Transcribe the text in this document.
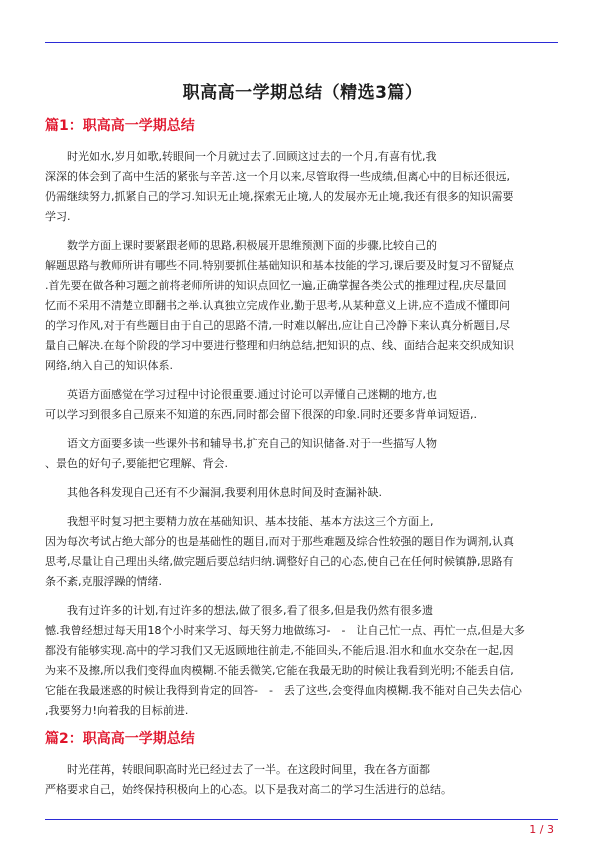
职高高一学期总结（精选3篇）
篇1：职高高一学期总结

时光如水,岁月如歌,转眼间一个月就过去了.回顾这过去的一个月,有喜有忧,我
深深的体会到了高中生活的紧张与辛苦.这一个月以来,尽管取得一些成绩,但离心中的目标还很远,
仍需继续努力,抓紧自己的学习.知识无止境,探索无止境,人的发展亦无止境,我还有很多的知识需要
学习.

数学方面上课时要紧跟老师的思路,积极展开思维预测下面的步骤,比较自己的
解题思路与教师所讲有哪些不同.特别要抓住基础知识和基本技能的学习,课后要及时复习不留疑点
.首先要在做各种习题之前将老师所讲的知识点回忆一遍,正确掌握各类公式的推理过程,庆尽量回
忆而不采用不清楚立即翻书之举.认真独立完成作业,勤于思考,从某种意义上讲,应不造成不懂即问
的学习作风,对于有些题目由于自己的思路不清,一时难以解出,应让自己冷静下来认真分析题目,尽
量自己解决.在每个阶段的学习中要进行整理和归纳总结,把知识的点、线、面结合起来交织成知识
网络,纳入自己的知识体系.

英语方面感觉在学习过程中讨论很重要.通过讨论可以弄懂自己迷糊的地方,也
可以学习到很多自己原来不知道的东西,同时都会留下很深的印象.同时还要多背单词短语,.

语文方面要多读一些课外书和辅导书,扩充自己的知识储备.对于一些描写人物
、景色的好句子,要能把它理解、背会.

其他各科发现自己还有不少漏洞,我要利用休息时间及时查漏补缺.

我想平时复习把主要精力放在基础知识、基本技能、基本方法这三个方面上,
因为每次考试占绝大部分的也是基础性的题目,而对于那些难题及综合性较强的题目作为调剂,认真
思考,尽量让自己理出头绪,做完题后要总结归纳.调整好自己的心态,使自己在任何时候镇静,思路有
条不紊,克服浮躁的情绪.

我有过许多的计划,有过许多的想法,做了很多,看了很多,但是我仍然有很多遗
憾.我曾经想过每天用18个小时来学习、每天努力地做练习-　-　让自己忙一点、再忙一点,但是大多
都没有能够实现.高中的学习我们又无返顾地往前走,不能回头,不能后退.泪水和血水交杂在一起,因
为来不及擦,所以我们变得血肉模糊.不能丢微笑,它能在我最无助的时候让我看到光明;不能丢自信,
它能在我最迷惑的时候让我得到肯定的回答-　-　丢了这些,会变得血肉模糊.我不能对自己失去信心
,我要努力!向着我的目标前进.

篇2：职高高一学期总结

时光荏苒，转眼间职高时光已经过去了一半。在这段时间里，我在各方面都
严格要求自己，始终保持积极向上的心态。以下是我对高二的学习生活进行的总结。

1 / 3
